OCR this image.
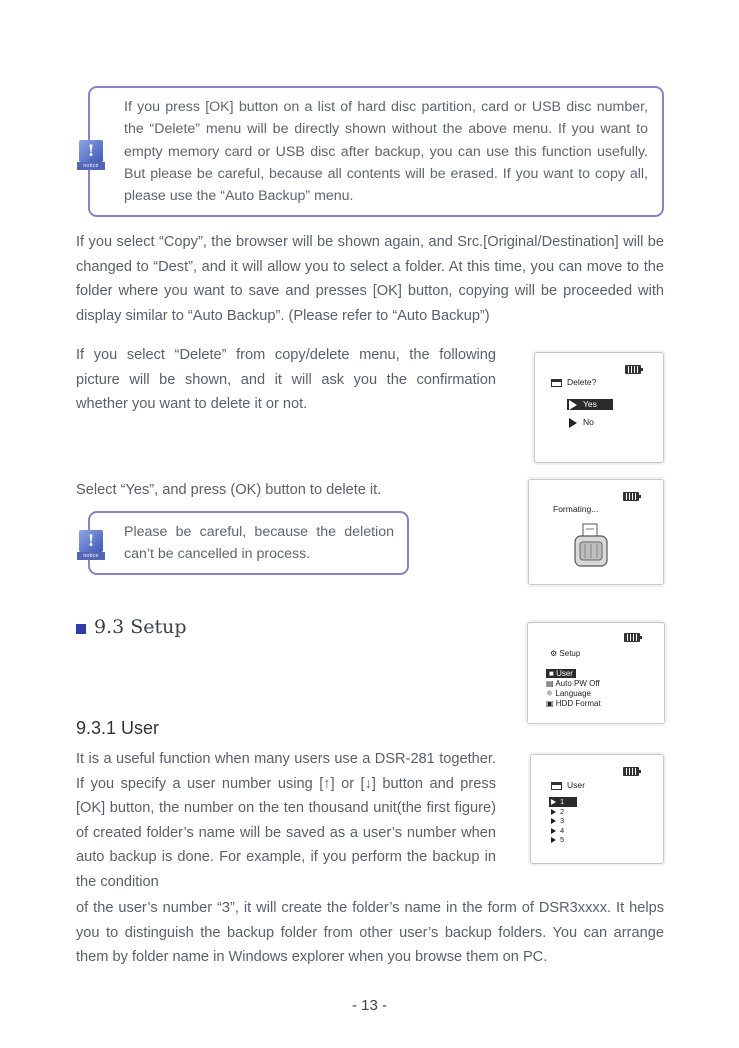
If you press [OK] button on a list of hard disc partition, card or USB disc number, the “Delete” menu will be directly shown without the above menu. If you want to empty memory card or USB disc after backup, you can use this function usefully. But please be careful, because all contents will be erased. If you want to copy all, please use the “Auto Backup” menu.
!
notice

If you select “Copy”, the browser will be shown again, and Src.[Original/Destination] will be changed to “Dest”, and it will allow you to select a folder. At this time, you can move to the folder where you want to save and presses [OK] button, copying will be proceeded with display similar to “Auto Backup”. (Please refer to “Auto Backup”)

If you select “Delete” from copy/delete menu, the following picture will be shown, and it will ask you the confirmation whether you want to delete it or not.

Delete?
Yes
No

Select “Yes”, and press (OK) button to delete it.

Please be careful, because the deletion can’t be cancelled in process.
!
notice
Formating...
9.3 Setup
⚙ Setup
■ User
▤ Auto PW Off
⚛ Language
▣ HDD Format
9.3.1 User

It is a useful function when many users use a DSR-281 together. If you specify a user number using [↑] or [↓] button and press [OK] button, the number on the ten thousand unit(the first figure) of created folder’s name will be saved as a user’s number when auto backup is done. For example, if you perform the backup in the condition

User
1
2
3
4
5

of the user’s number “3”, it will create the folder’s name in the form of DSR3xxxx. It helps you to distinguish the backup folder from other user’s backup folders. You can arrange them by folder name in Windows explorer when you browse them on PC.

- 13 -
